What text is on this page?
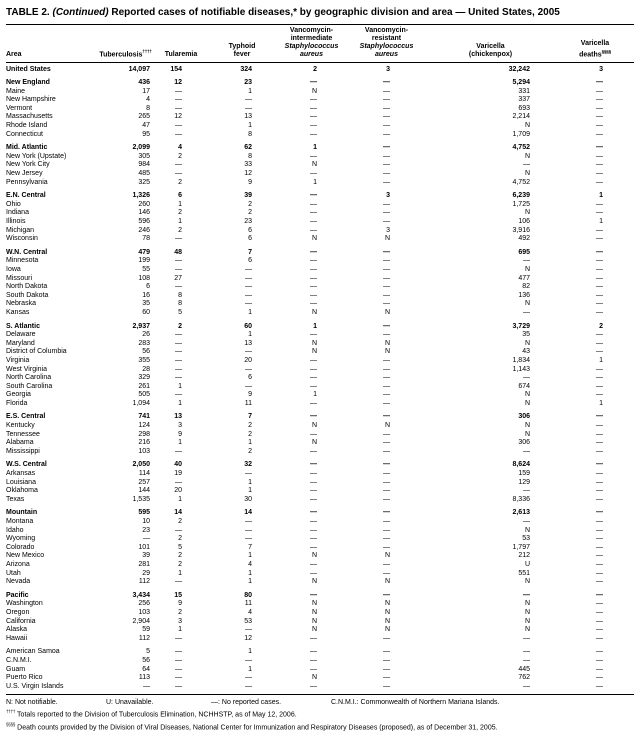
TABLE 2. (Continued) Reported cases of notifiable diseases,* by geographic division and area — United States, 2005
Area	Tuberculosis††††	Tularemia

Typhoid
fever

Vancomycin-
intermediate
Staphylococcus
aureus

Vancomycin-
resistant
Staphylococcus
aureus

Varicella
(chickenpox)

Varicella
deaths§§§§

United States	14,097	154	324	2	3	32,242	3
New England	436	12	23	—	—	5,294	—
Maine	17	—	1	N	—	331	—
New Hampshire	4	—	—	—	—	337	—
Vermont	8	—	—	—	—	693	—
Massachusetts	265	12	13	—	—	2,214	—
Rhode Island	47	—	1	—	—	N	—
Connecticut	95	—	8	—	—	1,709	—
Mid. Atlantic	2,099	4	62	1	—	4,752	—
New York (Upstate)	305	2	8	—	—	N	—
New York City	984	—	33	N	—	—	—
New Jersey	485	—	12	—	—	N	—
Pennsylvania	325	2	9	1	—	4,752	—
E.N. Central	1,326	6	39	—	3	6,239	1
Ohio	260	1	2	—	—	1,725	—
Indiana	146	2	2	—	—	N	—
Illinois	596	1	23	—	—	106	1
Michigan	246	2	6	—	3	3,916	—
Wisconsin	78	—	6	N	N	492	—
W.N. Central	479	48	7	—	—	695	—
Minnesota	199	—	6	—	—	—	—
Iowa	55	—	—	—	—	N	—
Missouri	108	27	—	—	—	477	—
North Dakota	6	—	—	—	—	82	—
South Dakota	16	8	—	—	—	136	—
Nebraska	35	8	—	—	—	N	—
Kansas	60	5	1	N	N	—	—
S. Atlantic	2,937	2	60	1	—	3,729	2
Delaware	26	—	1	—	—	35	—
Maryland	283	—	13	N	N	N	—
District of Columbia	56	—	—	N	N	43	—
Virginia	355	—	20	—	—	1,834	1
West Virginia	28	—	—	—	—	1,143	—
North Carolina	329	—	6	—	—	—	—
South Carolina	261	1	—	—	—	674	—
Georgia	505	—	9	1	—	N	—
Florida	1,094	1	11	—	—	N	1
E.S. Central	741	13	7	—	—	306	—
Kentucky	124	3	2	N	N	N	—
Tennessee	298	9	2	—	—	N	—
Alabama	216	1	1	N	—	306	—
Mississippi	103	—	2	—	—	—	—
W.S. Central	2,050	40	32	—	—	8,624	—
Arkansas	114	19	—	—	—	159	—
Louisiana	257	—	1	—	—	129	—
Oklahoma	144	20	1	—	—	—	—
Texas	1,535	1	30	—	—	8,336	—
Mountain	595	14	14	—	—	2,613	—
Montana	10	2	—	—	—	—	—
Idaho	23	—	—	—	—	N	—
Wyoming	—	2	—	—	—	53	—
Colorado	101	5	7	—	—	1,797	—
New Mexico	39	2	1	N	N	212	—
Arizona	281	2	4	—	—	U	—
Utah	29	1	1	—	—	551	—
Nevada	112	—	1	N	N	N	—
Pacific	3,434	15	80	—	—	—	—
Washington	256	9	11	N	N	N	—
Oregon	103	2	4	N	N	N	—
California	2,904	3	53	N	N	N	—
Alaska	59	1	—	N	N	N	—
Hawaii	112	—	12	—	—	—	—
American Samoa	5	—	1	—	—	—	—
C.N.M.I.	56	—	—	—	—	—	—
Guam	64	—	1	—	—	445	—
Puerto Rico	113	—	—	N	—	762	—
U.S. Virgin Islands	—	—	—	—	—	—	—
N: Not notifiable.	U: Unavailable.	—: No reported cases.	C.N.M.I.: Commonwealth of Northern Mariana Islands.
†††† Totals reported to the Division of Tuberculosis Elimination, NCHHSTP, as of May 12, 2006.
§§§§ Death counts provided by the Division of Viral Diseases, National Center for Immunization and Respiratory Diseases (proposed), as of December 31, 2005.
